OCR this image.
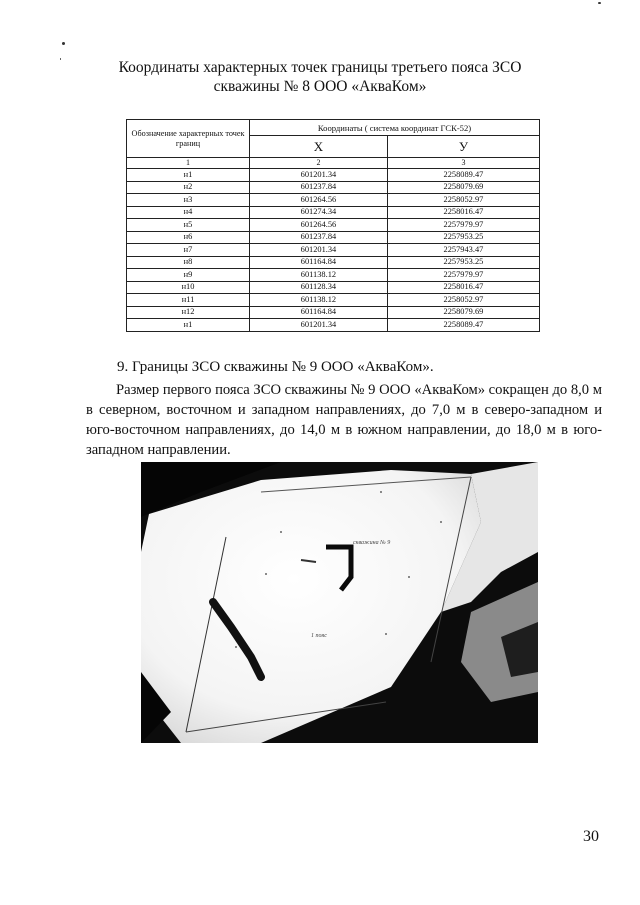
Координаты характерных точек границы третьего пояса ЗСО
скважины № 8 ООО «АкваКом»
Обозначение характерных точек границ	Координаты ( система координат ГСК-52)	
	X	У
1	2	3
н1	601201.34	2258089.47
н2	601237.84	2258079.69
н3	601264.56	2258052.97
н4	601274.34	2258016.47
н5	601264.56	2257979.97
н6	601237.84	2257953.25
н7	601201.34	2257943.47
н8	601164.84	2257953.25
н9	601138.12	2257979.97
н10	601128.34	2258016.47
н11	601138.12	2258052.97
н12	601164.84	2258079.69
н1	601201.34	2258089.47
9. Границы ЗСО скважины № 9 ООО «АкваКом».
Размер первого пояса ЗСО скважины № 9 ООО «АкваКом» сокращен до 8,0 м в северном, восточном и западном направлениях, до 7,0 м в северо-западном и юго-восточном направлениях, до 14,0 м в южном направлении, до 18,0 м в юго-западном направлении.
скважина № 9
1 пояс
30
